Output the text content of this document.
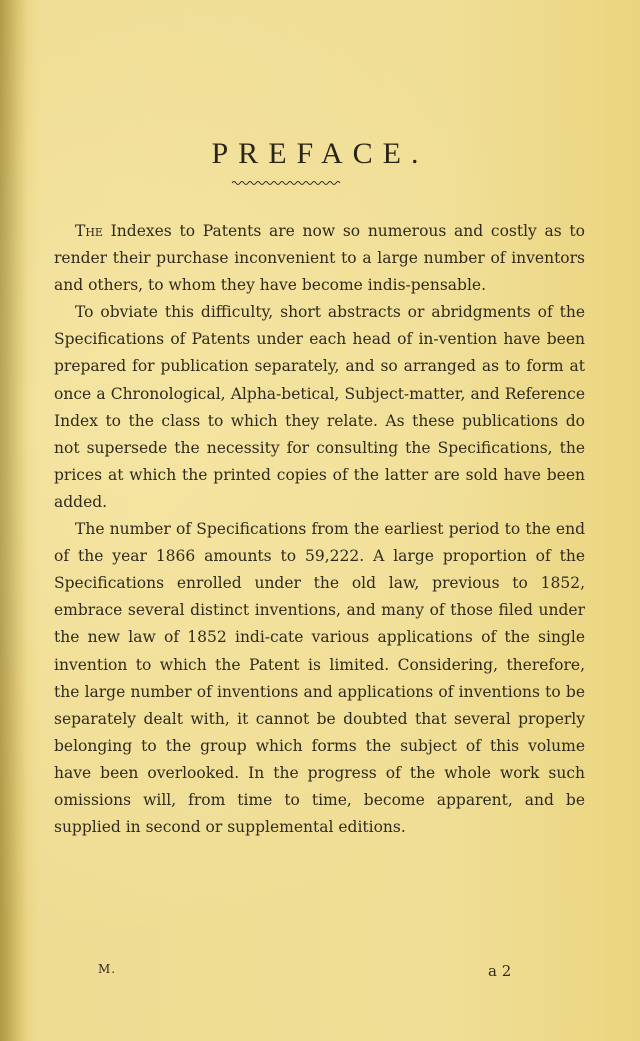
PREFACE.

The Indexes to Patents are now so numerous and costly as to render their purchase inconvenient to a large number of inventors and others, to whom they have become indis-pensable.

To obviate this difficulty, short abstracts or abridgments of the Specifications of Patents under each head of in-vention have been prepared for publication separately, and so arranged as to form at once a Chronological, Alpha-betical, Subject-matter, and Reference Index to the class to which they relate. As these publications do not supersede the necessity for consulting the Specifications, the prices at which the printed copies of the latter are sold have been added.

The number of Specifications from the earliest period to the end of the year 1866 amounts to 59,222. A large proportion of the Specifications enrolled under the old law, previous to 1852, embrace several distinct inventions, and many of those filed under the new law of 1852 indi-cate various applications of the single invention to which the Patent is limited. Considering, therefore, the large number of inventions and applications of inventions to be separately dealt with, it cannot be doubted that several properly belonging to the group which forms the subject of this volume have been overlooked. In the progress of the whole work such omissions will, from time to time, become apparent, and be supplied in second or supplemental editions.

M.	a 2
